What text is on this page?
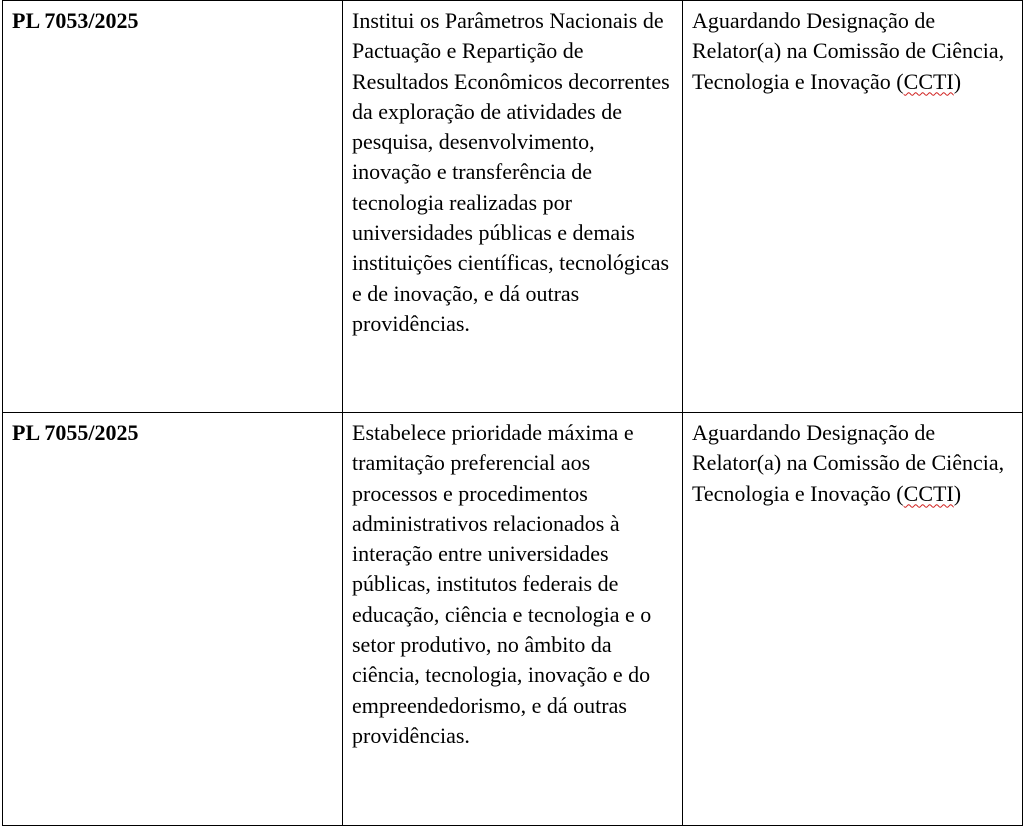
PL 7053/2025	Institui os Parâmetros Nacionais de Pactuação e Repartição de Resultados Econômicos decorrentes da exploração de atividades de pesquisa, desenvolvimento, inovação e transferência de tecnologia realizadas por universidades públicas e demais instituições científicas, tecnológicas e de inovação, e dá outras providências.	Aguardando Designação de Relator(a) na Comissão de Ciência, Tecnologia e Inovação (CCTI)

PL 7055/2025	Estabelece prioridade máxima e tramitação preferencial aos processos e procedimentos administrativos relacionados à interação entre universidades públicas, institutos federais de educação, ciência e tecnologia e o setor produtivo, no âmbito da ciência, tecnologia, inovação e do empreendedorismo, e dá outras providências.	Aguardando Designação de Relator(a) na Comissão de Ciência, Tecnologia e Inovação (CCTI)
